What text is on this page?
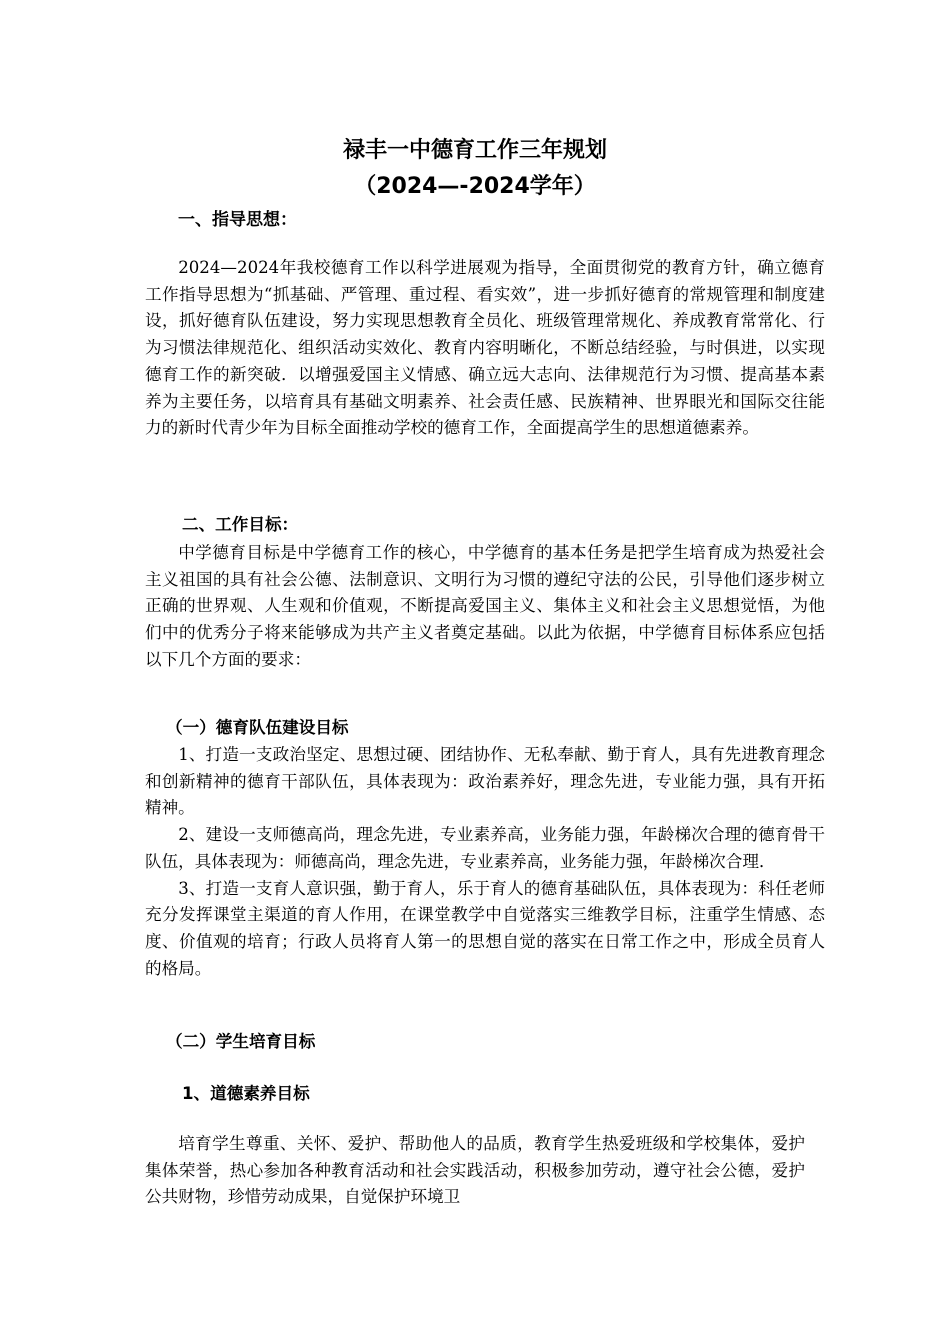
禄丰一中德育工作三年规划
（2024—-2024学年）
一、指导思想：

2024—2024年我校德育工作以科学进展观为指导，全面贯彻党的教育方针，确立德育工作指导思想为“抓基础、严管理、重过程、看实效”，进一步抓好德育的常规管理和制度建设，抓好德育队伍建设，努力实现思想教育全员化、班级管理常规化、养成教育常常化、行为习惯法律规范化、组织活动实效化、教育内容明晰化，不断总结经验，与时俱进，以实现德育工作的新突破．以增强爱国主义情感、确立远大志向、法律规范行为习惯、提高基本素养为主要任务，以培育具有基础文明素养、社会责任感、民族精神、世界眼光和国际交往能力的新时代青少年为目标全面推动学校的德育工作，全面提高学生的思想道德素养。

二、工作目标：

中学德育目标是中学德育工作的核心，中学德育的基本任务是把学生培育成为热爱社会主义祖国的具有社会公德、法制意识、文明行为习惯的遵纪守法的公民，引导他们逐步树立正确的世界观、人生观和价值观，不断提高爱国主义、集体主义和社会主义思想觉悟，为他们中的优秀分子将来能够成为共产主义者奠定基础。以此为依据，中学德育目标体系应包括以下几个方面的要求：

（一）德育队伍建设目标

1、打造一支政治坚定、思想过硬、团结协作、无私奉献、勤于育人，具有先进教育理念和创新精神的德育干部队伍，具体表现为：政治素养好，理念先进，专业能力强，具有开拓精神。

2、建设一支师德高尚，理念先进，专业素养高，业务能力强，年龄梯次合理的德育骨干队伍，具体表现为：师德高尚，理念先进，专业素养高，业务能力强，年龄梯次合理．

3、打造一支育人意识强，勤于育人，乐于育人的德育基础队伍，具体表现为：科任老师充分发挥课堂主渠道的育人作用，在课堂教学中自觉落实三维教学目标，注重学生情感、态度、价值观的培育；行政人员将育人第一的思想自觉的落实在日常工作之中，形成全员育人的格局。

（二）学生培育目标
1、道德素养目标

培育学生尊重、关怀、爱护、帮助他人的品质，教育学生热爱班级和学校集体，爱护集体荣誉，热心参加各种教育活动和社会实践活动，积极参加劳动，遵守社会公德，爱护公共财物，珍惜劳动成果，自觉保护环境卫
